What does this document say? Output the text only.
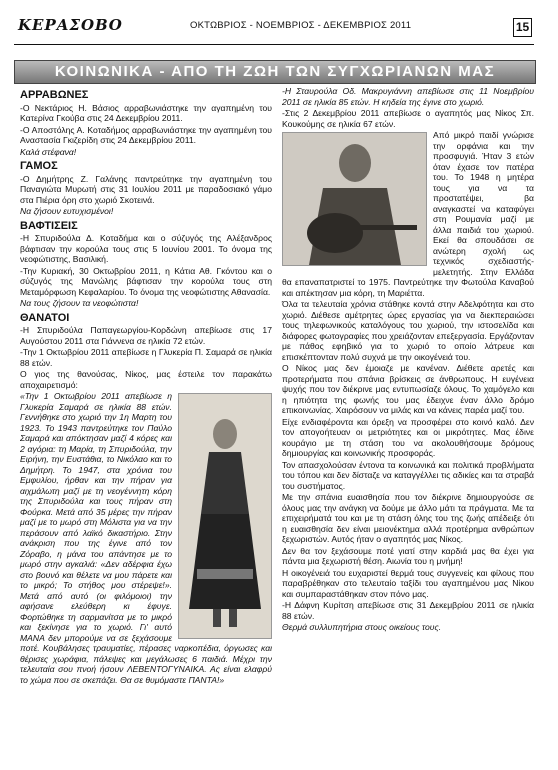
ΚΕΡΑΣΟΒΟ	ΟΚΤΩΒΡΙΟΣ - ΝΟΕΜΒΡΙΟΣ - ΔΕΚΕΜΒΡΙΟΣ 2011	15
ΚΟΙΝΩΝΙΚΑ - ΑΠΟ ΤΗ ΖΩΗ ΤΩΝ ΣΥΓΧΩΡΙΑΝΩΝ ΜΑΣ
ΑΡΡΑΒΩΝΕΣ

-Ο Νεκτάριος Η. Βάσιος αρραβωνιάστηκε την αγαπημένη του Κατερίνα Γκούβα στις 24 Δεκεμβρίου 2011.

-Ο Αποστόλης Α. Κοταδήμος αρραβωνιάστηκε την αγαπημένη του Αναστασία Γκιζερίδη στις 24 Δεκεμβρίου 2011.

Καλά στέφανα!

ΓΑΜΟΣ

-Ο Δημήτρης Ζ. Γαλάνης παντρεύτηκε την αγαπημένη του Παναγιώτα Μυρωτή στις 31 Ιουλίου 2011 με παραδοσιακό γάμο στα Πιέρια όρη στο χωριό Σκοτεινά.

Να ζήσουν ευτυχισμένοι!

ΒΑΦΤΙΣΕΙΣ

-Η Σπυριδούλα Δ. Κοταδήμα και ο σύζυγός της Αλέξανδρος βάφτισαν την κορούλα τους στις 5 Ιουνίου 2001. Το όνομα της νεοφώτιστης, Βασιλική.

-Την Κυριακή, 30 Οκτωβρίου 2011, η Κάτια Αθ. Γκόντου και ο σύζυγός της Μανώλης βάφτισαν την κορούλα τους στη Μεταμόρφωση Κεφαλαρίου. Το όνομα της νεοφώτιστης Αθανασία.

Να τους ζήσουν τα νεοφώτιστα!

ΘΑΝΑΤΟΙ

-Η Σπυριδούλα Παπαγεωργίου-Κορδώνη απεβίωσε στις 17 Αυγούστου 2011 στα Γιάννενα σε ηλικία 72 ετών.

-Την 1 Οκτωβρίου 2011 απεβίωσε η Γλυκερία Π. Σαμαρά σε ηλικία 88 ετών.

Ο γιος της θανούσας, Νίκος, μας έστειλε τον παρακάτω αποχαιρετισμό:

«Την 1 Οκτωβρίου 2011 απεβίωσε η Γλυκερία Σαμαρά σε ηλικία 88 ετών. Γεννήθηκε στο χωριό την 1η Μαρτη του 1923. Το 1943 παντρεύτηκε τον Παύλο Σαμαρά και απόκτησαν μαζί 4 κόρες και 2 αγόρια: τη Μαρία, τη Σπυριδούλα, την Ειρήνη, την Ευστάθια, το Νικόλαο και το Δημήτρη. Το 1947, στα χρόνια του Εμφυλίου, ήρθαν και την πήραν για αιχμάλωτη μαζί με τη νεογέννητη κόρη της Σπυριδούλα και τους πήραν στη Φούρκα. Μετά από 35 μέρες την πήραν μαζί με το μωρό στη Μόλιστα για να την περάσουν από λαϊκό δικαστήριο. Στην ανάκριση που της έγινε από τον Ζόραβο, η μάνα του απάντησε με το μωρό στην αγκαλιά: «Δεν αδέρφια έχω στο βουνό και θέλετε να μου πάρετε και το μικρό; Το στήθος μου στέρεψε!». Μετά από αυτό (οι φιλόμοιοι) την αφήσανε ελεύθερη κι έφυγε. Φορτώθηκε τη σαρμανίτσα με το μικρό και ξεκίνησε για το χωριό. Γι' αυτό ΜΑΝΑ δεν μπορούμε να σε ξεχάσουμε ποτέ. Κουβάλησες τραυματίες, πέρασες ναρκοπέδια, όργωσες και θέρισες χωράφια, πάλεψες και μεγάλωσες 6 παιδιά. Μέχρι την τελευταία σου πνοή ήσουν ΛΕΒΕΝΤΟΓΥΝΑΙΚΑ. Ας είναι ελαφρύ το χώμα που σε σκεπάζει. Θα σε θυμόμαστε ΠΑΝΤΑ!»

-Η Σταυρούλα Οδ. Μακρυγιάννη απεβίωσε στις 11 Νοεμβρίου 2011 σε ηλικία 85 ετών. Η κηδεία της έγινε στο χωριό.

-Στις 2 Δεκεμβρίου 2011 απεβίωσε ο αγαπητός μας Νίκος Σπ. Κουκούμης σε ηλικία 67 ετών.

Από μικρό παιδί γνώρισε την ορφάνια και την προσφυγιά. Ήταν 3 ετών όταν έχασε τον πατέρα του. Το 1948 η μητέρα τους για να τα προστατέψει, βα αναγκαστεί να καταφύγει στη Ρουμανία μαζί με άλλα παιδιά του χωριού. Εκεί θα σπουδάσει σε ανώτερη σχολή ως τεχνικός σχεδιαστής-μελετητής. Στην Ελλάδα θα επαναπατριστεί το 1975. Παντρεύτηκε την Φωτούλα Καναβού και απέκτησαν μια κόρη, τη Μαριέττα.

Όλα τα τελευταία χρόνια στάθηκε κοντά στην Αδελφότητα και στο χωριό. Διέθεσε αμέτρητες ώρες εργασίας για να διεκπεραιώσει τους τηλεφωνικούς καταλόγους του χωριού, την ιστοσελίδα και διάφορες φωτογραφίες που χρειάζονταν επεξεργασία. Εργάζονταν με πάθος εφηβικό για το χωριό το οποίο λάτρευε και επισκέπτονταν πολύ συχνά με την οικογένειά του.

Ο Νίκος μας δεν έμοιαζε με κανέναν. Διέθετε αρετές και προτερήματα που σπάνια βρίσκεις σε άνθρωπους. Η ευγένεια ψυχής που τον διέκρινε μας εντυπωσίαζε όλους. Το χαμόγελο και η ηπιότητα της φωνής του μας έδειχνε έναν άλλο δρόμο επικοινωνίας. Χαιρόσουν να μιλάς και να κάνεις παρέα μαζί του.

Είχε ενδιαφέροντα και όρεξη να προσφέρει στο κοινό καλό. Δεν τον απογοήτευαν οι μετριότητες και οι μικρότητες. Μας έδινε κουράγιο με τη στάση του να ακολουθήσουμε δρόμους δημιουργίας και κοινωνικής προσφοράς.

Τον απασχολούσαν έντονα τα κοινωνικά και πολιτικά προβλήματα του τόπου και δεν δίσταζε να καταγγέλλει τις αδικίες και τα στραβά του συστήματος.

Με την σπάνια ευαισθησία που τον διέκρινε δημιουργούσε σε όλους μας την ανάγκη να δούμε με άλλο μάτι τα πράγματα. Με τα επιχειρήματά του και με τη στάση όλης του της ζωής απέδειξε ότι η ευαισθησία δεν είναι μειονέκτημα αλλά προτέρημα ανθρώπων ξεχωριστών. Αυτός ήταν ο αγαπητός μας Νίκος.

Δεν θα τον ξεχάσουμε ποτέ γιατί στην καρδιά μας θα έχει για πάντα μια ξεχωριστή θέση. Αιωνία του η μνήμη!

Η οικογένειά του ευχαριστεί θερμά τους συγγενείς και φίλους που παραβρέθηκαν στο τελευταίο ταξίδι του αγαπημένου μας Νίκου και συμπαραστάθηκαν στον πόνο μας.

-Η Δάφνη Κυρίτση απεβίωσε στις 31 Δεκεμβρίου 2011 σε ηλικία 88 ετών.

Θερμά συλλυπητήρια στους οικείους τους.
